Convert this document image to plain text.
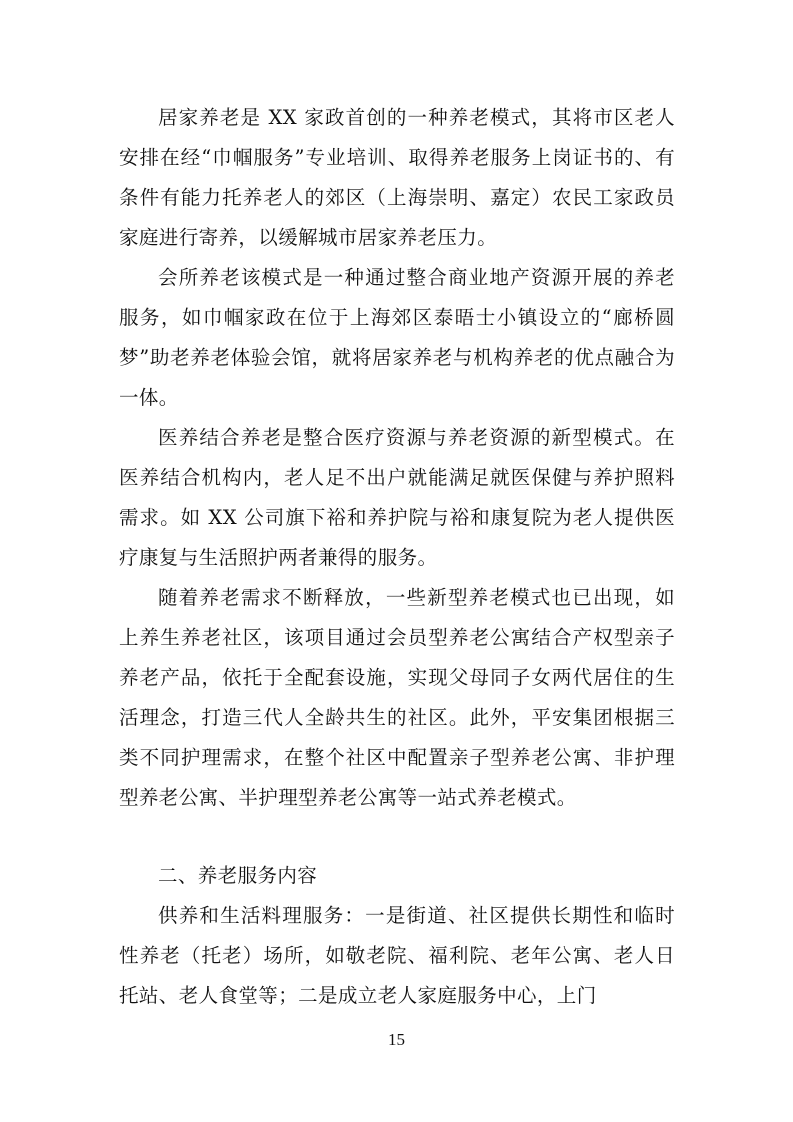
居家养老是 XX 家政首创的一种养老模式，其将市区老人安排在经“巾帼服务”专业培训、取得养老服务上岗证书的、有条件有能力托养老人的郊区（上海崇明、嘉定）农民工家政员家庭进行寄养，以缓解城市居家养老压力。

会所养老该模式是一种通过整合商业地产资源开展的养老服务，如巾帼家政在位于上海郊区泰晤士小镇设立的“廊桥圆梦”助老养老体验会馆，就将居家养老与机构养老的优点融合为一体。

医养结合养老是整合医疗资源与养老资源的新型模式。在医养结合机构内，老人足不出户就能满足就医保健与养护照料需求。如 XX 公司旗下裕和养护院与裕和康复院为老人提供医疗康复与生活照护两者兼得的服务。

随着养老需求不断释放，一些新型养老模式也已出现，如上养生养老社区，该项目通过会员型养老公寓结合产权型亲子养老产品，依托于全配套设施，实现父母同子女两代居住的生活理念，打造三代人全龄共生的社区。此外，平安集团根据三类不同护理需求，在整个社区中配置亲子型养老公寓、非护理型养老公寓、半护理型养老公寓等一站式养老模式。

二、养老服务内容

供养和生活料理服务：一是街道、社区提供长期性和临时性养老（托老）场所，如敬老院、福利院、老年公寓、老人日托站、老人食堂等；二是成立老人家庭服务中心，上门

15
